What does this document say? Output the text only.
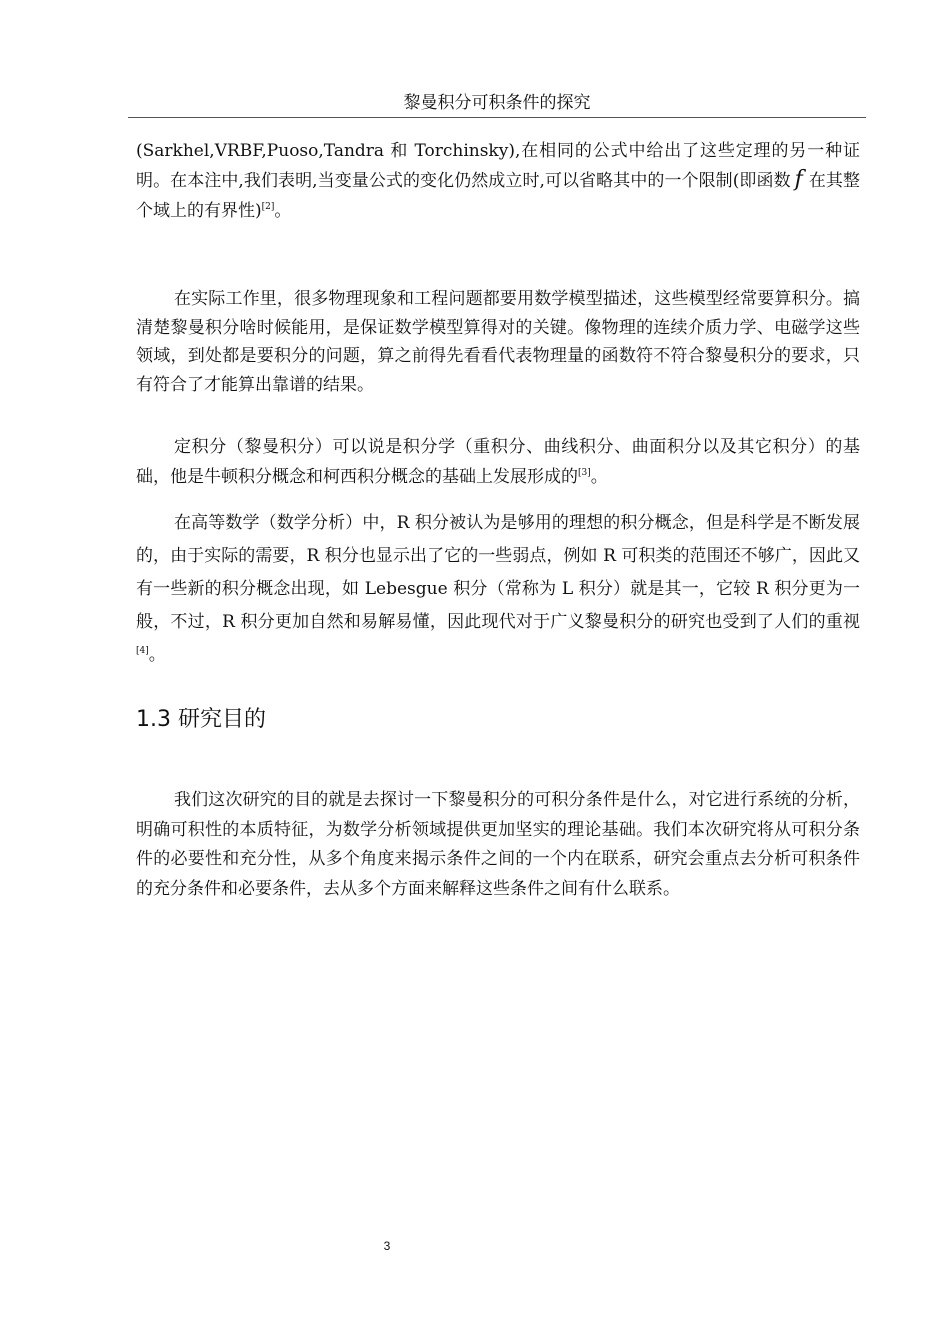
黎曼积分可积条件的探究

(Sarkhel,VRBF,Puoso,Tandra 和 Torchinsky),在相同的公式中给出了这些定理的另一种证明。在本注中,我们表明,当变量公式的变化仍然成立时,可以省略其中的一个限制(即函数 f 在其整个域上的有界性)[2]。

在实际工作里，很多物理现象和工程问题都要用数学模型描述，这些模型经常要算积分。搞清楚黎曼积分啥时候能用，是保证数学模型算得对的关键。像物理的连续介质力学、电磁学这些领域，到处都是要积分的问题，算之前得先看看代表物理量的函数符不符合黎曼积分的要求，只有符合了才能算出靠谱的结果。

定积分（黎曼积分）可以说是积分学（重积分、曲线积分、曲面积分以及其它积分）的基础，他是牛顿积分概念和柯西积分概念的基础上发展形成的[3]。

在高等数学（数学分析）中，R 积分被认为是够用的理想的积分概念，但是科学是不断发展的，由于实际的需要，R 积分也显示出了它的一些弱点，例如 R 可积类的范围还不够广，因此又有一些新的积分概念出现，如 Lebesgue 积分（常称为 L 积分）就是其一，它较 R 积分更为一般，不过，R 积分更加自然和易解易懂，因此现代对于广义黎曼积分的研究也受到了人们的重视[4]。

1.3 研究目的

我们这次研究的目的就是去探讨一下黎曼积分的可积分条件是什么，对它进行系统的分析，明确可积性的本质特征，为数学分析领域提供更加坚实的理论基础。我们本次研究将从可积分条件的必要性和充分性，从多个角度来揭示条件之间的一个内在联系，研究会重点去分析可积条件的充分条件和必要条件，去从多个方面来解释这些条件之间有什么联系。

3
